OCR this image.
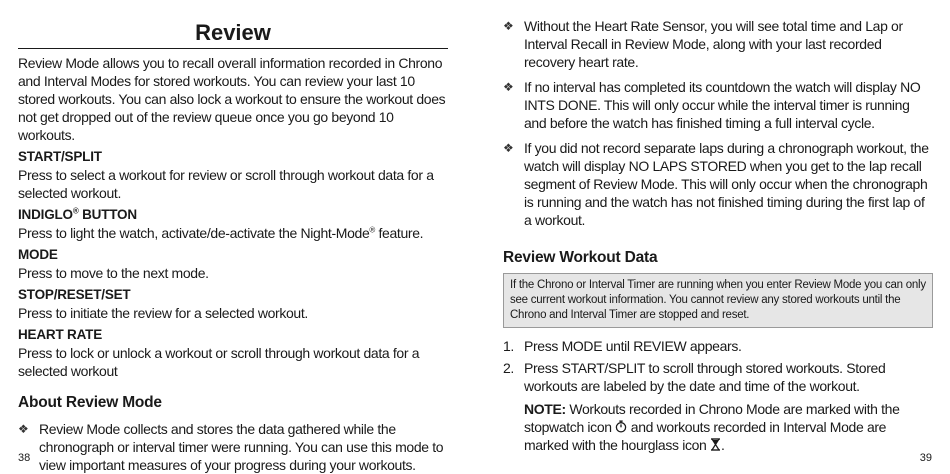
Review
Review Mode allows you to recall overall information recorded in Chrono and Interval Modes for stored workouts. You can review your last 10 stored workouts. You can also lock a workout to ensure the workout does not get dropped out of the review queue once you go beyond 10 workouts.
START/SPLIT
Press to select a workout for review or scroll through workout data for a selected workout.
INDIGLO® BUTTON
Press to light the watch, activate/de-activate the Night-Mode® feature.
MODE
Press to move to the next mode.
STOP/RESET/SET
Press to initiate the review for a selected workout.
HEART RATE
Press to lock or unlock a workout or scroll through workout data for a selected workout
About Review Mode
❖ Review Mode collects and stores the data gathered while the chronograph or interval timer were running. You can use this mode to view important measures of your progress during your workouts.
38
❖ Without the Heart Rate Sensor, you will see total time and Lap or Interval Recall in Review Mode, along with your last recorded recovery heart rate.
❖ If no interval has completed its countdown the watch will display NO INTS DONE. This will only occur while the interval timer is running and before the watch has finished timing a full interval cycle.
❖ If you did not record separate laps during a chronograph workout, the watch will display NO LAPS STORED when you get to the lap recall segment of Review Mode. This will only occur when the chronograph is running and the watch has not finished timing during the first lap of a workout.
Review Workout Data
If the Chrono or Interval Timer are running when you enter Review Mode you can only see current workout information. You cannot review any stored workouts until the Chrono and Interval Timer are stopped and reset.
1. Press MODE until REVIEW appears.
2. Press START/SPLIT to scroll through stored workouts. Stored workouts are labeled by the date and time of the workout.
NOTE: Workouts recorded in Chrono Mode are marked with the stopwatch icon  and workouts recorded in Interval Mode are marked with the hourglass icon .
39
